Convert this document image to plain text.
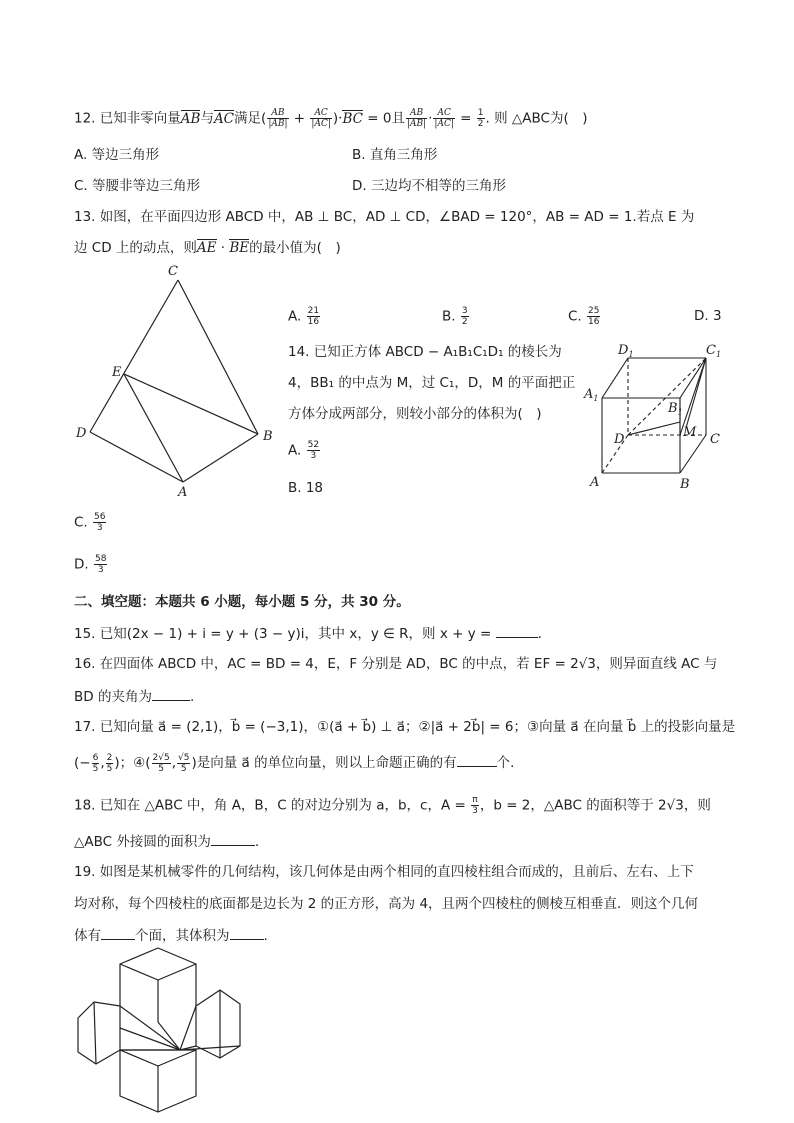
12. 已知非零向量AB与AC满足( $\frac{AB}{|AB|} + \frac{AC}{|AC|} )\cdot BC = 0$且 $\frac{AB}{|AB|} \cdot \frac{AC}{|AC|} = \frac{1}{2}$ . 则 △ABC为(　)
A. 等边三角形	B. 直角三角形
C. 等腰非等边三角形	D. 三边均不相等的三角形
13. 如图，在平面四边形 ABCD 中，AB ⊥ BC，AD ⊥ CD，∠BAD = 120°，AB = AD = 1.若点 E 为
边 CD 上的动点，则AE · BE的最小值为(　)
C
E
D	B
A
A. $\frac{21}{16}$	B. $\frac{3}{2}$	C. $\frac{25}{16}$	D. 3
14. 已知正方体 ABCD − A₁B₁C₁D₁ 的棱长为
4，BB₁ 的中点为 M，过 C₁，D，M 的平面把正
方体分成两部分，则较小部分的体积为(　)
A. $\frac{52}{3}$
B. 18
C. $\frac{56}{3}$
D. $\frac{58}{3}$
$D_1$	$C_1$
$A_1$
$B_1$
D	M C
A	B
二、填空题：本题共 6 小题，每小题 5 分，共 30 分。
15. 已知(2x − 1) + i = y + (3 − y)i，其中 x，y ∈ R，则 x + y =	.
16. 在四面体 ABCD 中，AC = BD = 4，E，F 分别是 AD，BC 的中点，若 EF = 2√3，则异面直线 AC 与
BD 的夹角为	.
17. 已知向量 a⃗ = (2,1)，b⃗ = (−3,1)，①(a⃗ + b⃗) ⊥ a⃗；②|a⃗ + 2b⃗| = 6；③向量 a⃗ 在向量 b⃗ 上的投影向量是
(− $\frac{6}{5}$ , $\frac{2}{5}$ )；④( $\frac{2√5}{5}$ , $\frac{√5}{5}$ )是向量 a⃗ 的单位向量，则以上命题正确的有	个.
18. 已知在 △ABC 中，角 A，B，C 的对边分别为 a，b，c，$A = \frac{\pi}{3}$ ，b = 2，△ABC 的面积等于 2√3，则
△ABC 外接圆的面积为	.
19. 如图是某机械零件的几何结构，该几何体是由两个相同的直四棱柱组合而成的，且前后、左右、上下
均对称，每个四棱柱的底面都是边长为 2 的正方形，高为 4，且两个四棱柱的侧棱互相垂直．则这个几何
体有	个面，其体积为	.
